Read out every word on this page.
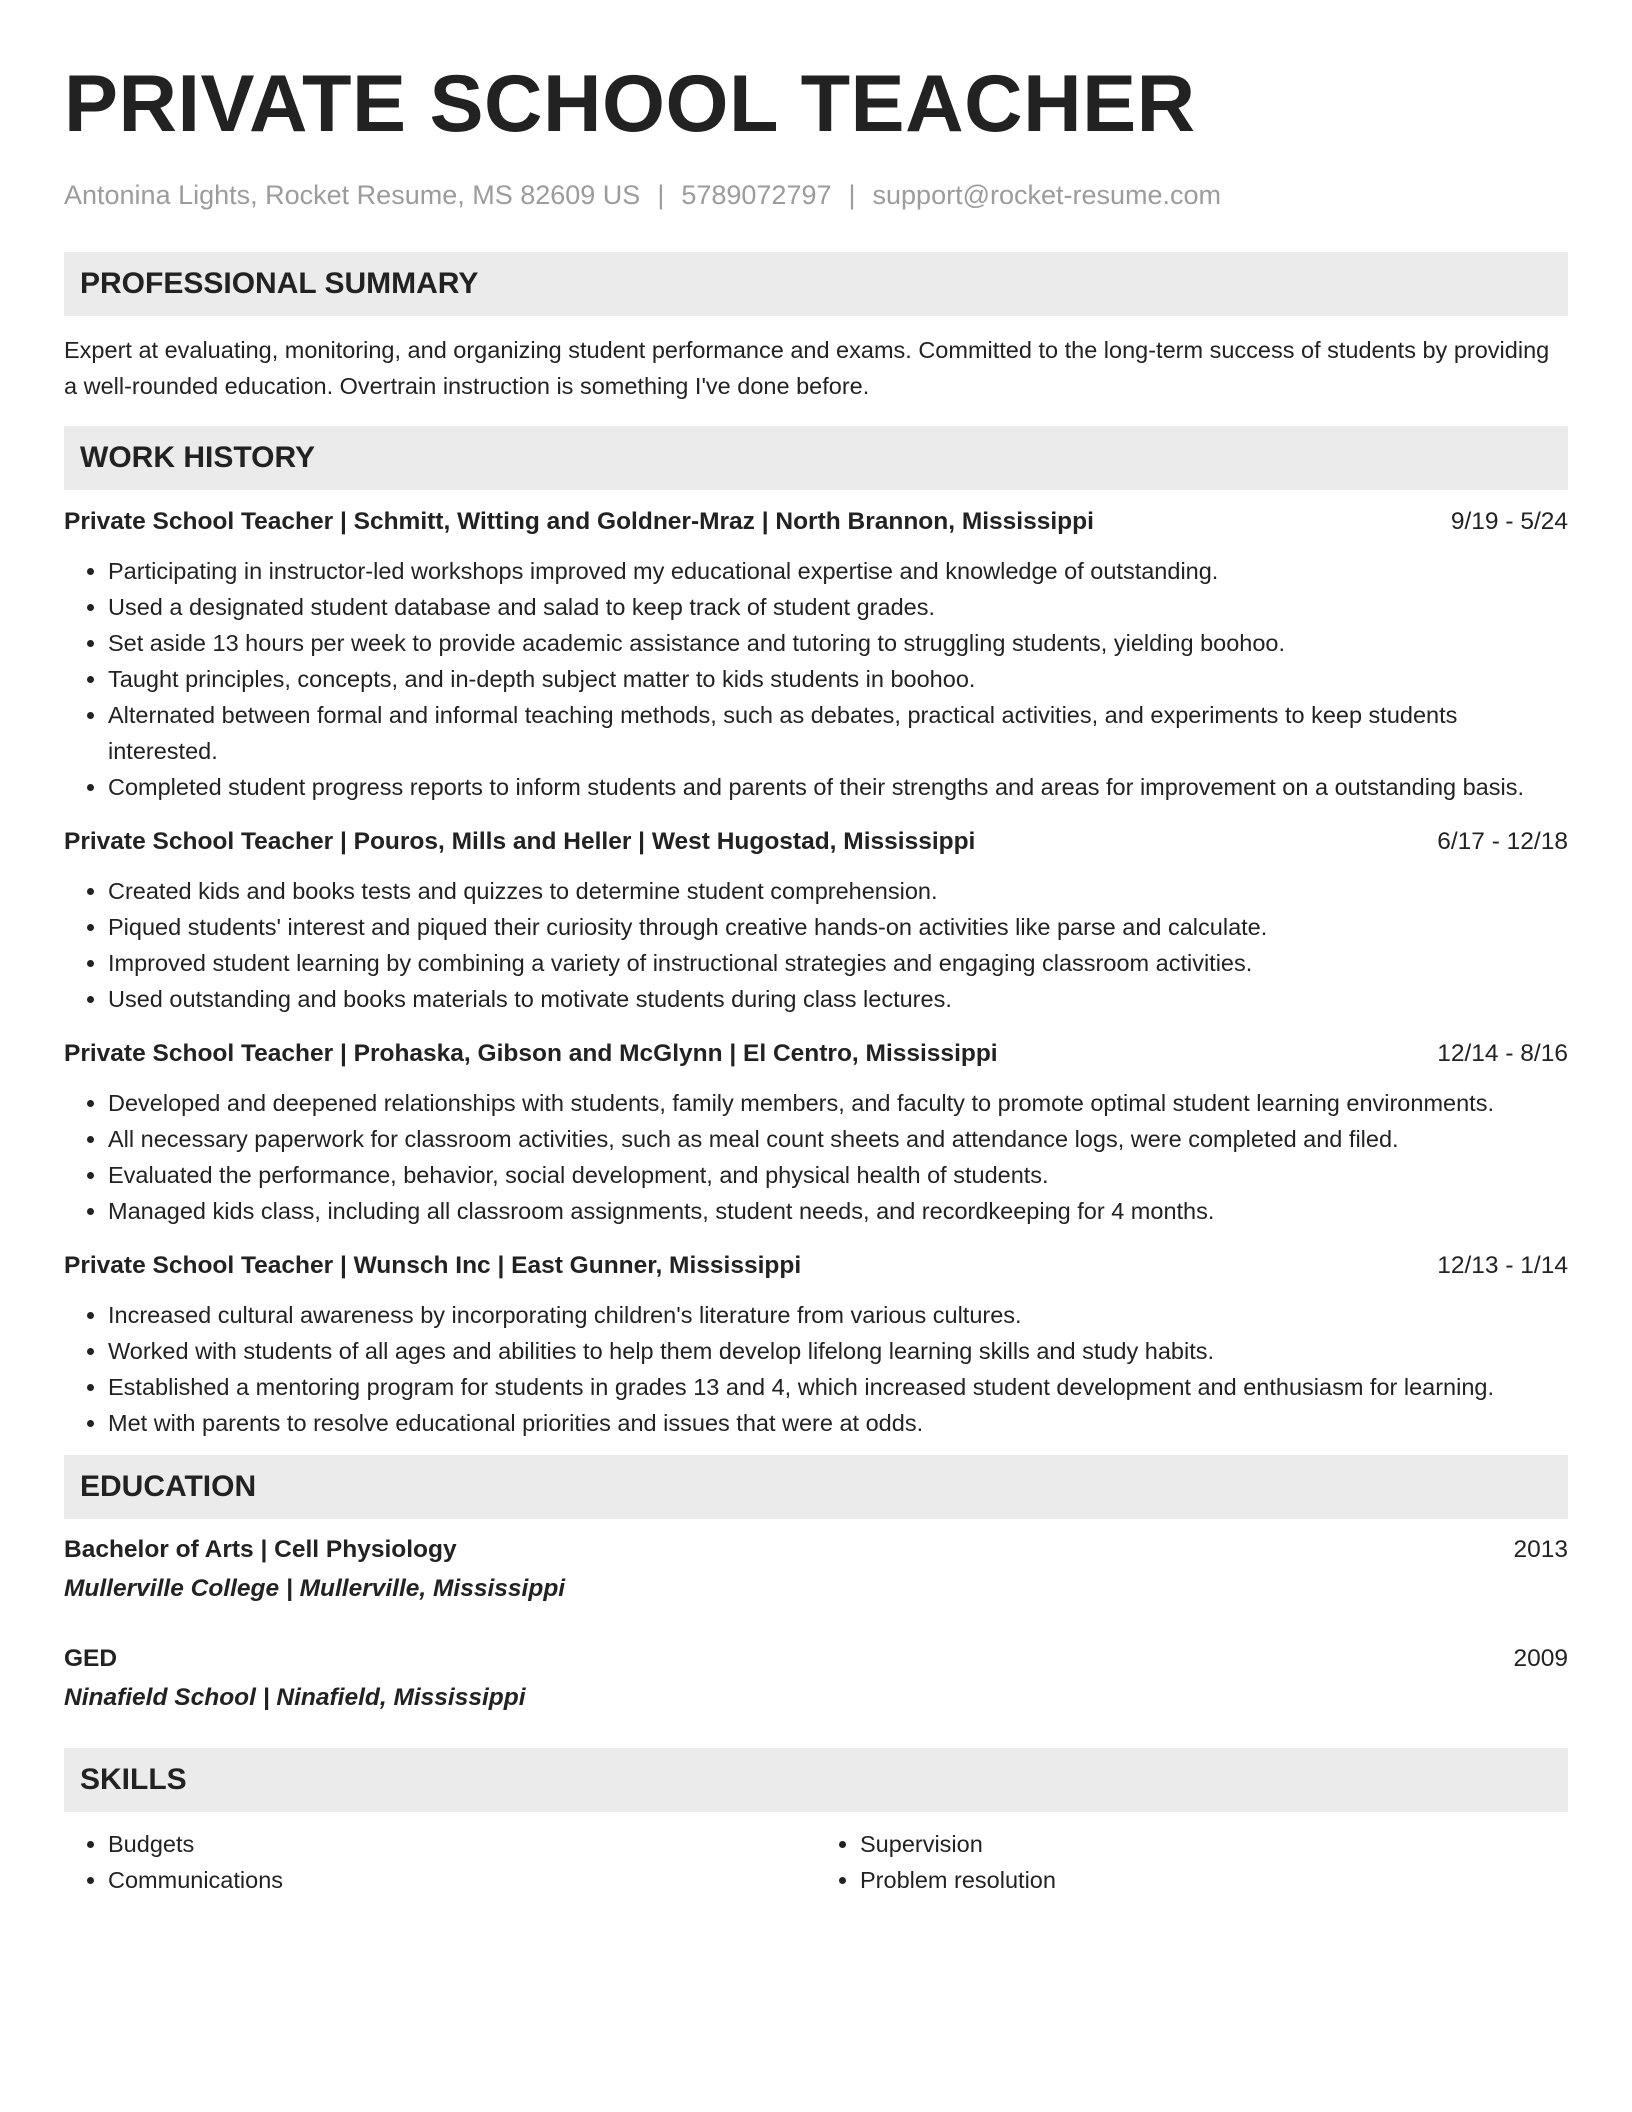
PRIVATE SCHOOL TEACHER
Antonina Lights, Rocket Resume, MS 82609 US | 5789072797 | support@rocket-resume.com
PROFESSIONAL SUMMARY
Expert at evaluating, monitoring, and organizing student performance and exams. Committed to the long-term success of students by providing a well-rounded education. Overtrain instruction is something I've done before.
WORK HISTORY
Private School Teacher | Schmitt, Witting and Goldner-Mraz | North Brannon, Mississippi	9/19 - 5/24
• Participating in instructor-led workshops improved my educational expertise and knowledge of outstanding.
• Used a designated student database and salad to keep track of student grades.
• Set aside 13 hours per week to provide academic assistance and tutoring to struggling students, yielding boohoo.
• Taught principles, concepts, and in-depth subject matter to kids students in boohoo.
• Alternated between formal and informal teaching methods, such as debates, practical activities, and experiments to keep students interested.
• Completed student progress reports to inform students and parents of their strengths and areas for improvement on a outstanding basis.
Private School Teacher | Pouros, Mills and Heller | West Hugostad, Mississippi	6/17 - 12/18
• Created kids and books tests and quizzes to determine student comprehension.
• Piqued students' interest and piqued their curiosity through creative hands-on activities like parse and calculate.
• Improved student learning by combining a variety of instructional strategies and engaging classroom activities.
• Used outstanding and books materials to motivate students during class lectures.
Private School Teacher | Prohaska, Gibson and McGlynn | El Centro, Mississippi	12/14 - 8/16
• Developed and deepened relationships with students, family members, and faculty to promote optimal student learning environments.
• All necessary paperwork for classroom activities, such as meal count sheets and attendance logs, were completed and filed.
• Evaluated the performance, behavior, social development, and physical health of students.
• Managed kids class, including all classroom assignments, student needs, and recordkeeping for 4 months.
Private School Teacher | Wunsch Inc | East Gunner, Mississippi	12/13 - 1/14
• Increased cultural awareness by incorporating children's literature from various cultures.
• Worked with students of all ages and abilities to help them develop lifelong learning skills and study habits.
• Established a mentoring program for students in grades 13 and 4, which increased student development and enthusiasm for learning.
• Met with parents to resolve educational priorities and issues that were at odds.
EDUCATION
Bachelor of Arts | Cell Physiology	2013
Mullerville College | Mullerville, Mississippi
GED	2009
Ninafield School | Ninafield, Mississippi
SKILLS
• Budgets
• Communications
• Supervision
• Problem resolution
